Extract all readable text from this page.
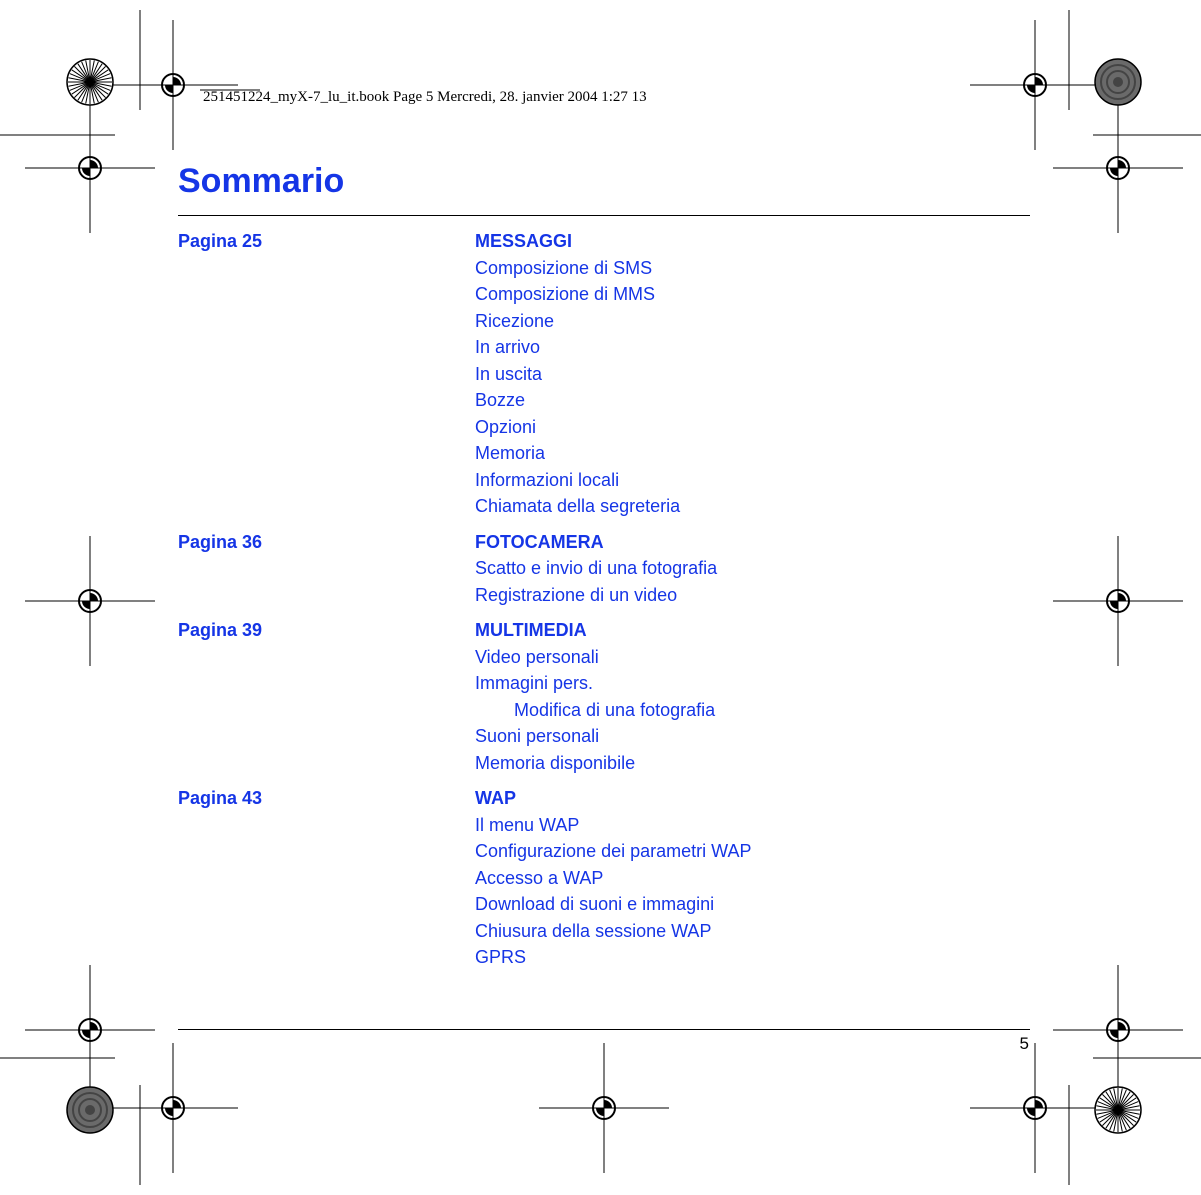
251451224_myX-7_lu_it.book Page 5 Mercredi, 28. janvier 2004 1:27 13
Sommario
Pagina 25	MESSAGGI
Composizione di SMS
Composizione di MMS
Ricezione
In arrivo
In uscita
Bozze
Opzioni
Memoria
Informazioni locali
Chiamata della segreteria
Pagina 36	FOTOCAMERA
Scatto e invio di una fotografia
Registrazione di un video
Pagina 39	MULTIMEDIA
Video personali
Immagini pers.
Modifica di una fotografia
Suoni personali
Memoria disponibile
Pagina 43	WAP
Il menu WAP
Configurazione dei parametri WAP
Accesso a WAP
Download di suoni e immagini
Chiusura della sessione WAP
GPRS
5
